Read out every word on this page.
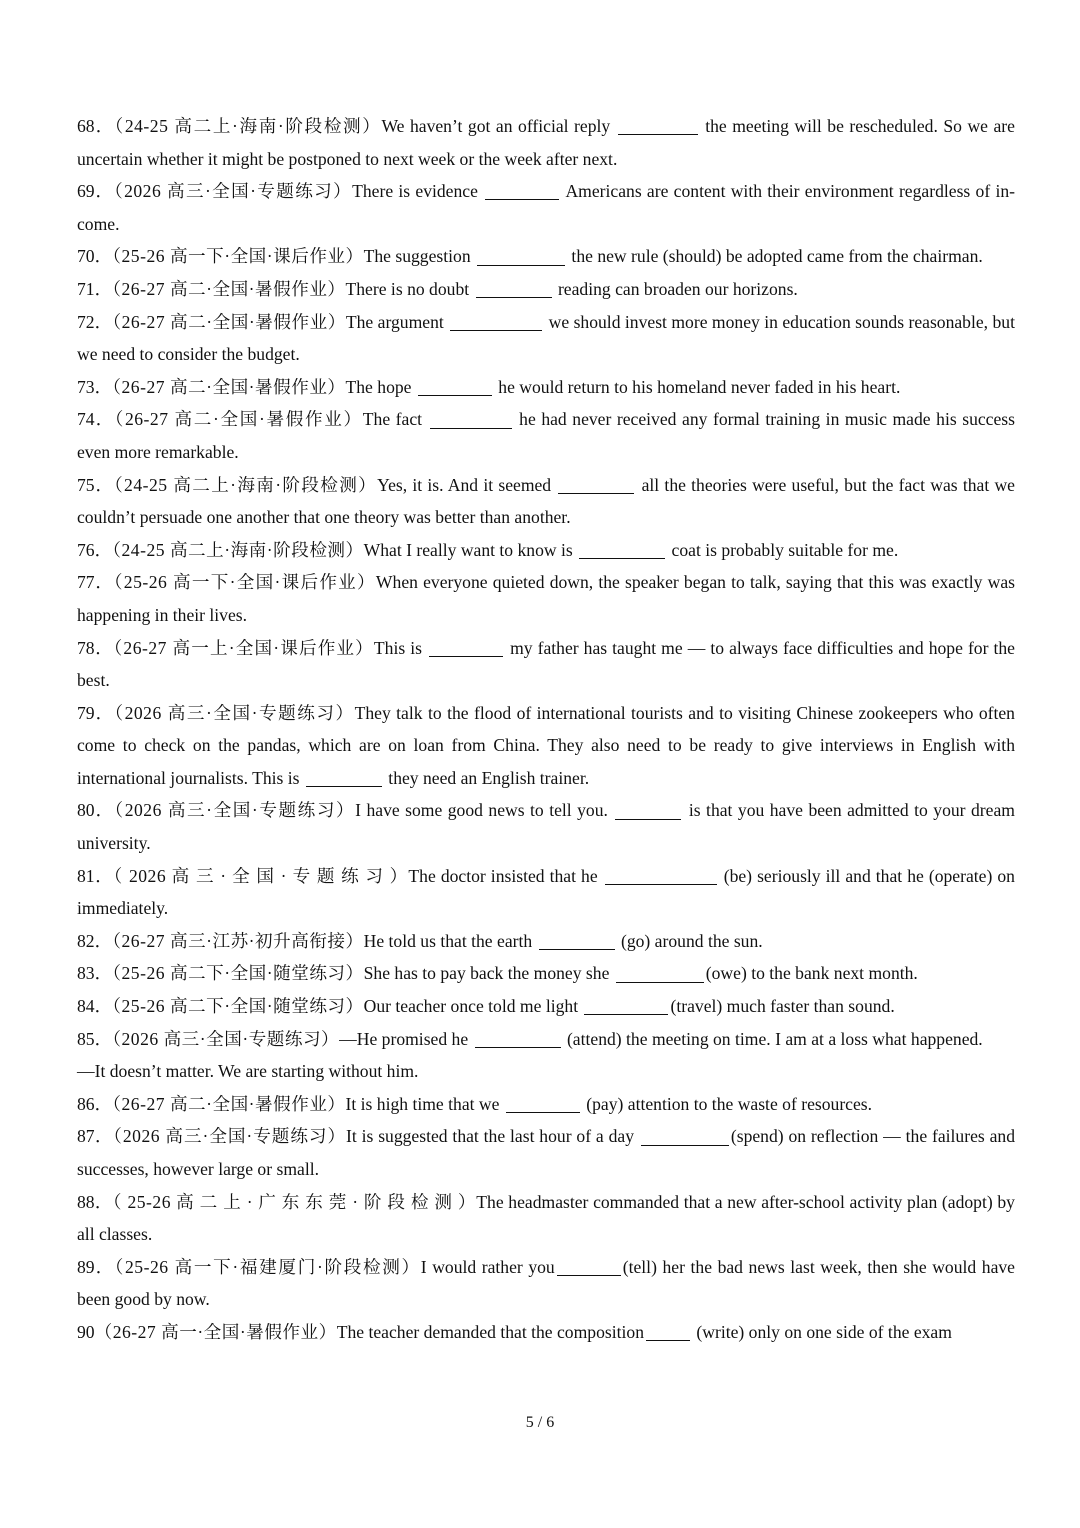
68．（24-25 高二上·海南·阶段检测）We haven’t got an official reply	the meeting will be rescheduled. So we are uncertain whether it might be postponed to next week or the week after next.

69．（2026 高三·全国·专题练习）There is evidence	Americans are content with their environment regardless of in-come.

70．（25-26 高一下·全国·课后作业）The suggestion	the new rule (should) be adopted came from the chairman.

71．（26-27 高二·全国·暑假作业）There is no doubt	reading can broaden our horizons.

72．（26-27 高二·全国·暑假作业）The argument	we should invest more money in education sounds reasonable, but we need to consider the budget.

73．（26-27 高二·全国·暑假作业）The hope	he would return to his homeland never faded in his heart.

74．（26-27 高二·全国·暑假作业）The fact	he had never received any formal training in music made his success even more remarkable.

75．（24-25 高二上·海南·阶段检测）Yes, it is. And it seemed	all the theories were useful, but the fact was that we couldn’t persuade one another that one theory was better than another.

76．（24-25 高二上·海南·阶段检测）What I really want to know is	coat is probably suitable for me.

77．（25-26 高一下·全国·课后作业）When everyone quieted down, the speaker began to talk, saying that this was exactly was happening in their lives.

78．（26-27 高一上·全国·课后作业）This is	my father has taught me — to always face difficulties and hope for the best.

79．（2026 高三·全国·专题练习）They talk to the flood of international tourists and to visiting Chinese zookeepers who often come to check on the pandas, which are on loan from China. They also need to be ready to give interviews in English with international journalists. This is	they need an English trainer.

80．（2026 高三·全国·专题练习）I have some good news to tell you.	is that you have been admitted to your dream university.

81．（ 2026 高 三 · 全 国 · 专 题 练 习 ）The doctor insisted that he	(be) seriously ill and that he (operate) on immediately.

82．（26-27 高三·江苏·初升高衔接）He told us that the earth	(go) around the sun.

83．（25-26 高二下·全国·随堂练习）She has to pay back the money she	(owe) to the bank next month.

84．（25-26 高二下·全国·随堂练习）Our teacher once told me light	(travel) much faster than sound.

85．（2026 高三·全国·专题练习）—He promised he	(attend) the meeting on time. I am at a loss what happened.

—It doesn’t matter. We are starting without him.

86．（26-27 高二·全国·暑假作业）It is high time that we	(pay) attention to the waste of resources.

87．（2026 高三·全国·专题练习）It is suggested that the last hour of a day	(spend) on reflection — the failures and successes, however large or small.

88．（ 25-26 高 二 上 · 广 东 东 莞 · 阶 段 检 测 ）The headmaster commanded that a new after-school activity plan (adopt) by all classes.

89．（25-26 高一下·福建厦门·阶段检测）I would rather you	(tell) her the bad news last week, then she would have been good by now.

90（26-27 高一·全国·暑假作业）The teacher demanded that the composition	(write) only on one side of the exam

5 / 6
